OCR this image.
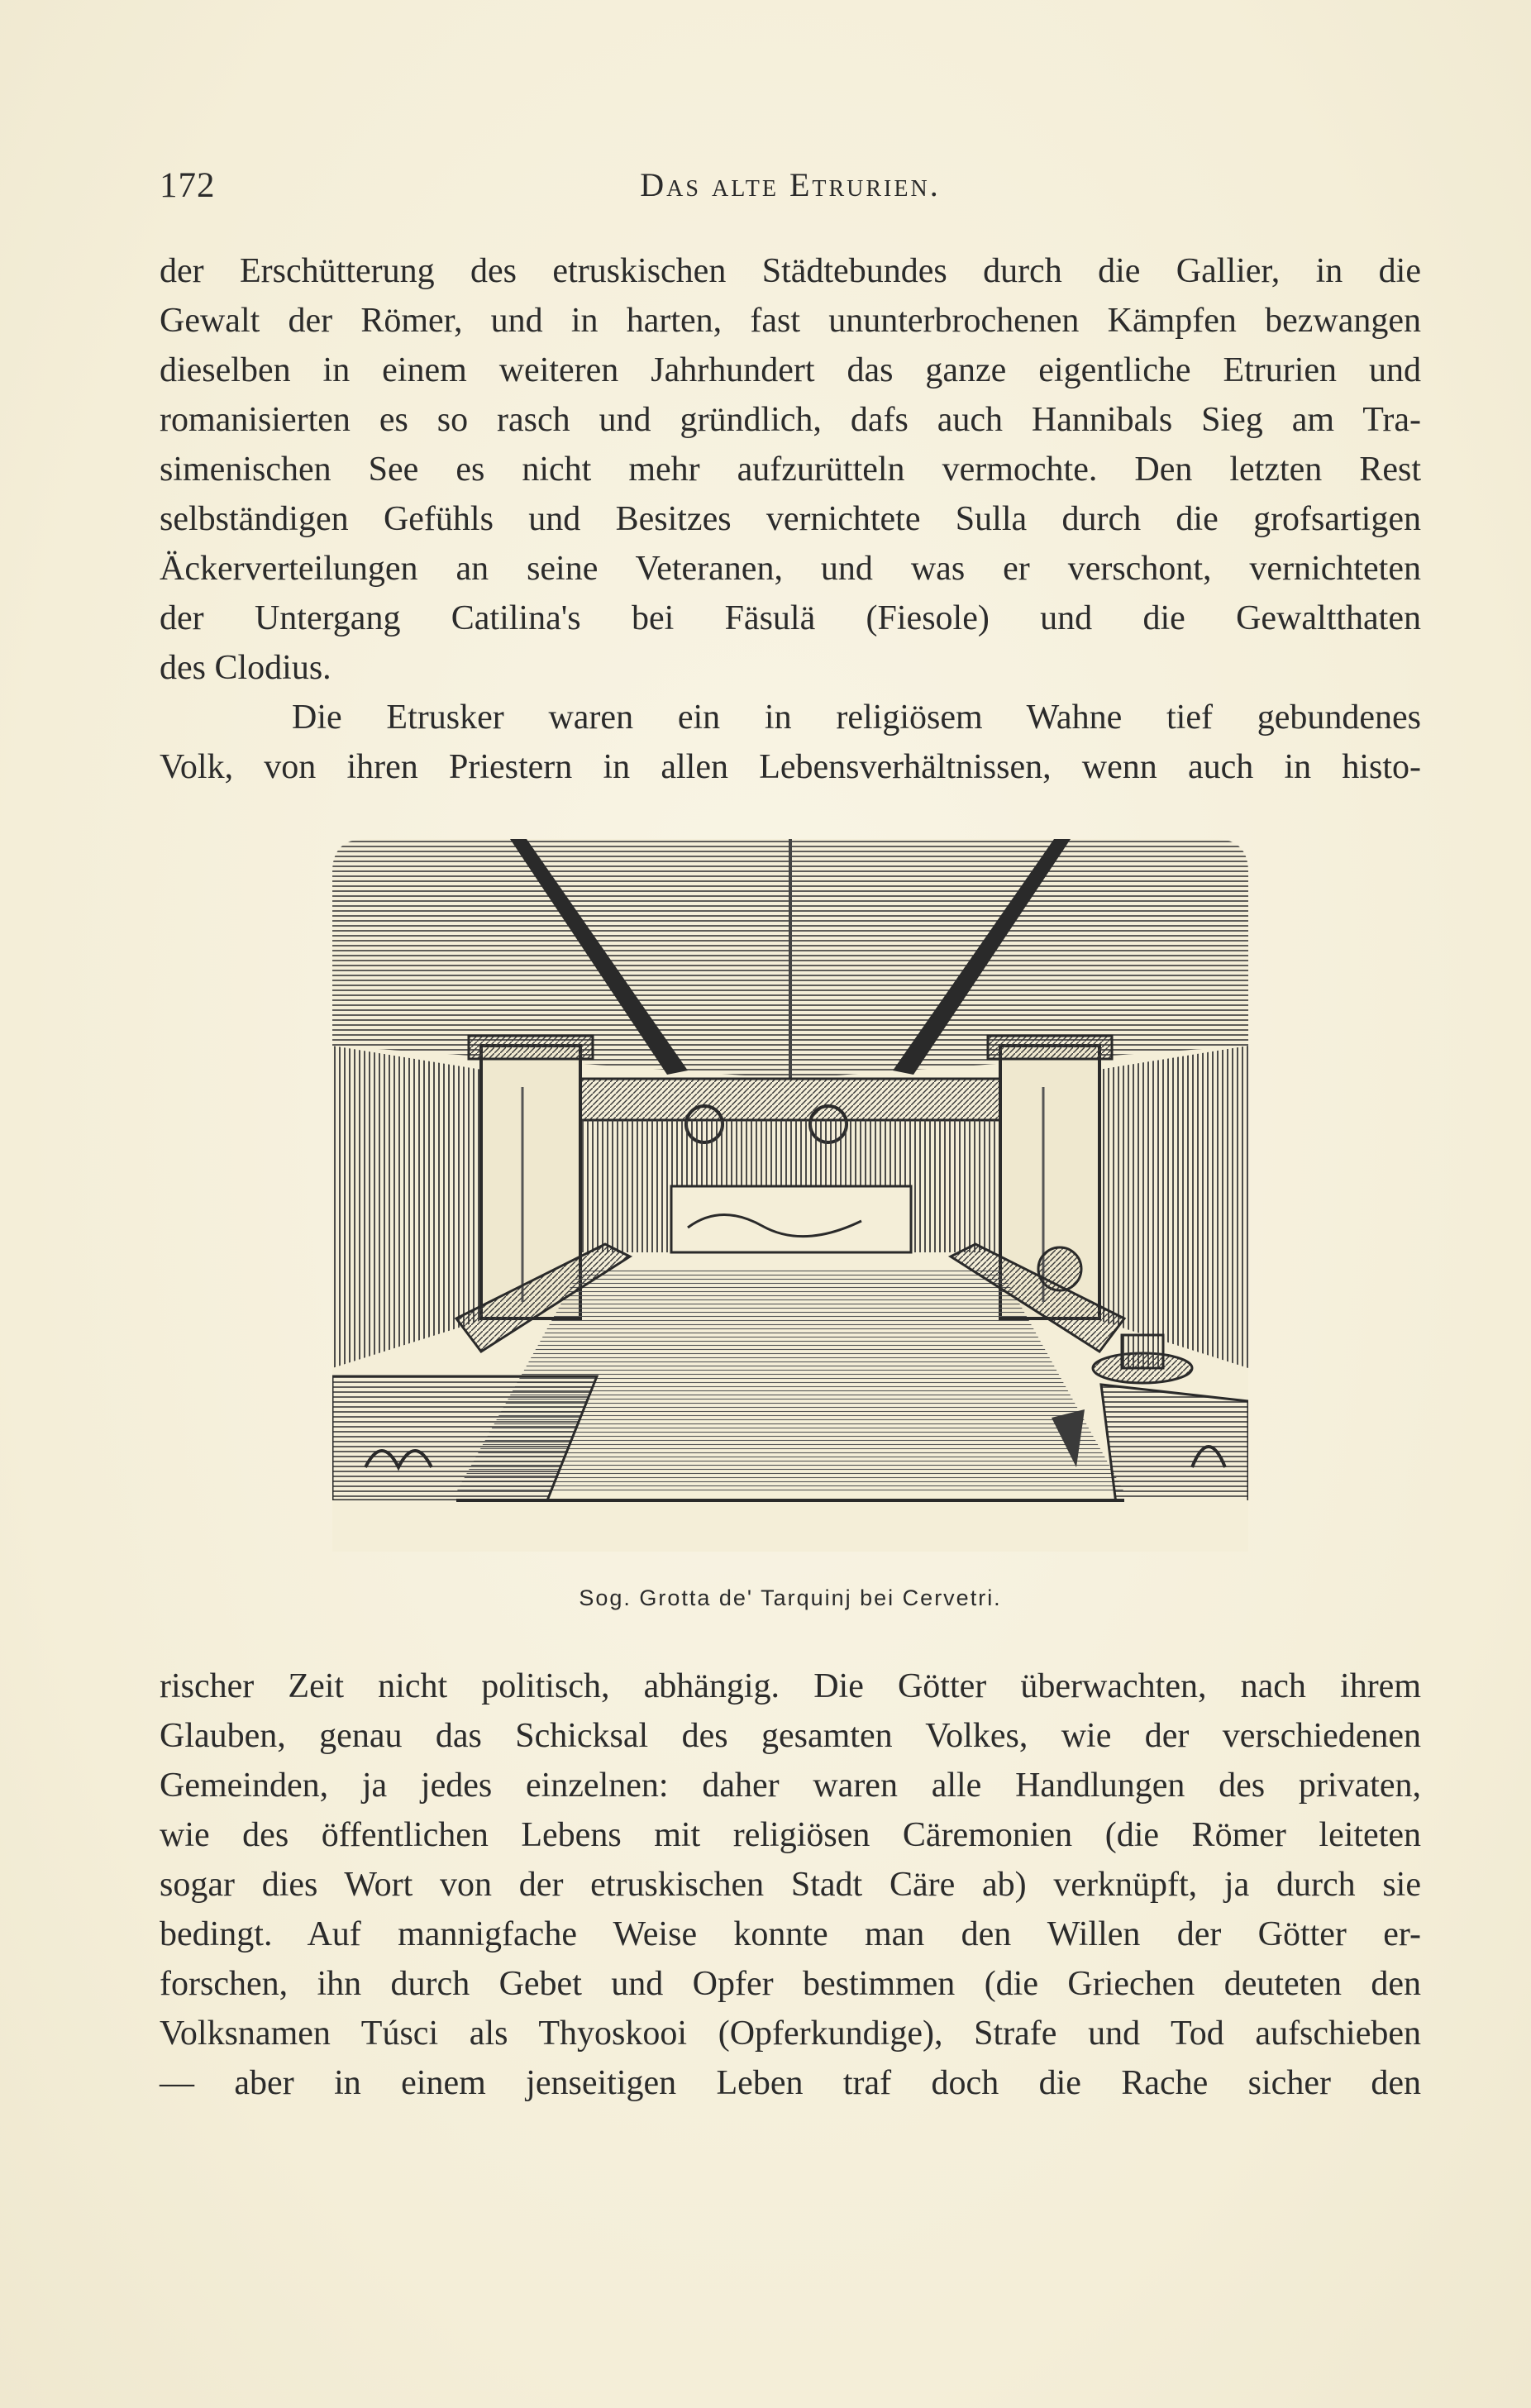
172	Das alte Etrurien.
der Erschütterung des etruskischen Städtebundes durch die Gallier, in die
Gewalt der Römer, und in harten, fast ununterbrochenen Kämpfen bezwangen
dieselben in einem weiteren Jahrhundert das ganze eigentliche Etrurien und
romanisierten es so rasch und gründlich, dafs auch Hannibals Sieg am Tra-
simenischen See es nicht mehr aufzurütteln vermochte. Den letzten Rest
selbständigen Gefühls und Besitzes vernichtete Sulla durch die grofsartigen
Äckerverteilungen an seine Veteranen, und was er verschont, vernichteten
der Untergang Catilina's bei Fäsulä (Fiesole) und die Gewaltthaten
des Clodius.
Die Etrusker waren ein in religiösem Wahne tief gebundenes
Volk, von ihren Priestern in allen Lebensverhältnissen, wenn auch in histo-
Sog. Grotta de' Tarquinj bei Cervetri.
rischer Zeit nicht politisch, abhängig. Die Götter überwachten, nach ihrem
Glauben, genau das Schicksal des gesamten Volkes, wie der verschiedenen
Gemeinden, ja jedes einzelnen: daher waren alle Handlungen des privaten,
wie des öffentlichen Lebens mit religiösen Cäremonien (die Römer leiteten
sogar dies Wort von der etruskischen Stadt Cäre ab) verknüpft, ja durch sie
bedingt. Auf mannigfache Weise konnte man den Willen der Götter er-
forschen, ihn durch Gebet und Opfer bestimmen (die Griechen deuteten den
Volksnamen Túsci als Thyoskooi (Opferkundige), Strafe und Tod aufschieben
— aber in einem jenseitigen Leben traf doch die Rache sicher den
